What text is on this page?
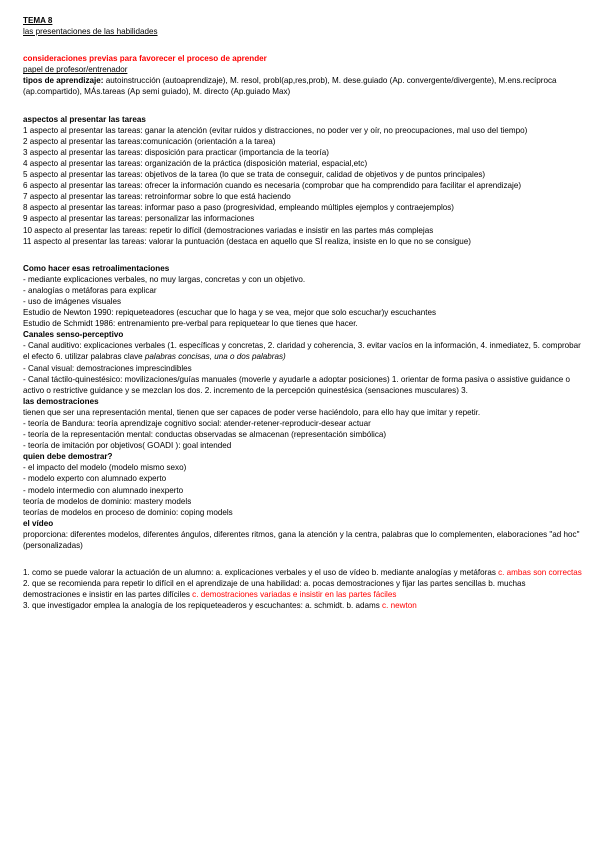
TEMA 8
las presentaciones de las habilidades
consideraciones previas para favorecer el proceso de aprender
papel de profesor/entrenador
tipos de aprendizaje: autoinstrucción (autoaprendizaje), M. resol, probl(ap,res,prob), M. dese.guiado (Ap. convergente/divergente), M.ens.recíproca (ap.compartido), MÁs.tareas (Ap semi guiado), M. directo (Ap.guiado Max)
aspectos al presentar las tareas
1 aspecto al presentar las tareas: ganar la atención (evitar ruidos y distracciones, no poder ver y oír, no preocupaciones, mal uso del tiempo)
2 aspecto al presentar las tareas:comunicación (orientación a la tarea)
3 aspecto al presentar las tareas: disposición para practicar (importancia de la teoría)
4 aspecto al presentar las tareas: organización de la práctica (disposición material, espacial,etc)
5 aspecto al presentar las tareas: objetivos de la tarea (lo que se trata de conseguir, calidad de objetivos y de puntos principales)
6 aspecto al presentar las tareas: ofrecer la información cuando es necesaria (comprobar que ha comprendido para facilitar el aprendizaje)
7 aspecto al presentar las tareas: retroinformar sobre lo que está haciendo
8 aspecto al presentar las tareas: informar paso a paso (progresividad, empleando múltiples ejemplos y contraejemplos)
9 aspecto al presentar las tareas: personalizar las informaciones
10 aspecto al presentar las tareas: repetir lo difícil (demostraciones variadas e insistir en las partes más complejas
11 aspecto al presentar las tareas: valorar la puntuación (destaca en aquello que SÍ realiza, insiste en lo que no se consigue)
Como hacer esas retroalimentaciones
- mediante explicaciones verbales, no muy largas, concretas y con un objetivo.
- analogías o metáforas para explicar
- uso de imágenes visuales
Estudio de Newton 1990: repiqueteadores (escuchar que lo haga y se vea, mejor que solo escuchar)y escuchantes
Estudio de Schmidt 1986: entrenamiento pre-verbal para repiquetear lo que tienes que hacer.
Canales senso-perceptivo
- Canal auditivo: explicaciones verbales (1. específicas y concretas, 2. claridad y coherencia, 3. evitar vacíos en la información, 4. inmediatez, 5. comprobar el efecto 6. utilizar palabras clave palabras concisas, una o dos palabras)
- Canal visual: demostraciones imprescindibles
- Canal táctilo-quinestésico: movilizaciones/guías manuales (moverle y ayudarle a adoptar posiciones) 1. orientar de forma pasiva o assistive guidance o activo o restrictive guidance y se mezclan los dos. 2. incremento de la percepción quinestésica (sensaciones musculares) 3.
las demostraciones
tienen que ser una representación mental, tienen que ser capaces de poder verse haciéndolo, para ello hay que imitar y repetir.
- teoría de Bandura: teoría aprendizaje cognitivo social: atender-retener-reproducir-desear actuar
- teoría de la representación mental: conductas observadas se almacenan (representación simbólica)
- teoría de imitación por objetivos( GOADI ): goal intended
quien debe demostrar?
- el impacto del modelo (modelo mismo sexo)
- modelo experto con alumnado experto
- modelo intermedio con alumnado inexperto
teoría de modelos de dominio: mastery models
teorías de modelos en proceso de dominio: coping models
el vídeo
proporciona: diferentes modelos, diferentes ángulos, diferentes ritmos, gana la atención y la centra, palabras que lo complementen, elaboraciones "ad hoc"(personalizadas)
1. como se puede valorar la actuación de un alumno: a. explicaciones verbales y el uso de vídeo b. mediante analogías y metáforas c. ambas son correctas
2. que se recomienda para repetir lo difícil en el aprendizaje de una habilidad: a. pocas demostraciones y fijar las partes sencillas b. muchas demostraciones e insistir en las partes difíciles c. demostraciones variadas e insistir en las partes fáciles
3. que investigador emplea la analogía de los repiqueteaderos y escuchantes: a. schmidt. b. adams c. newton
